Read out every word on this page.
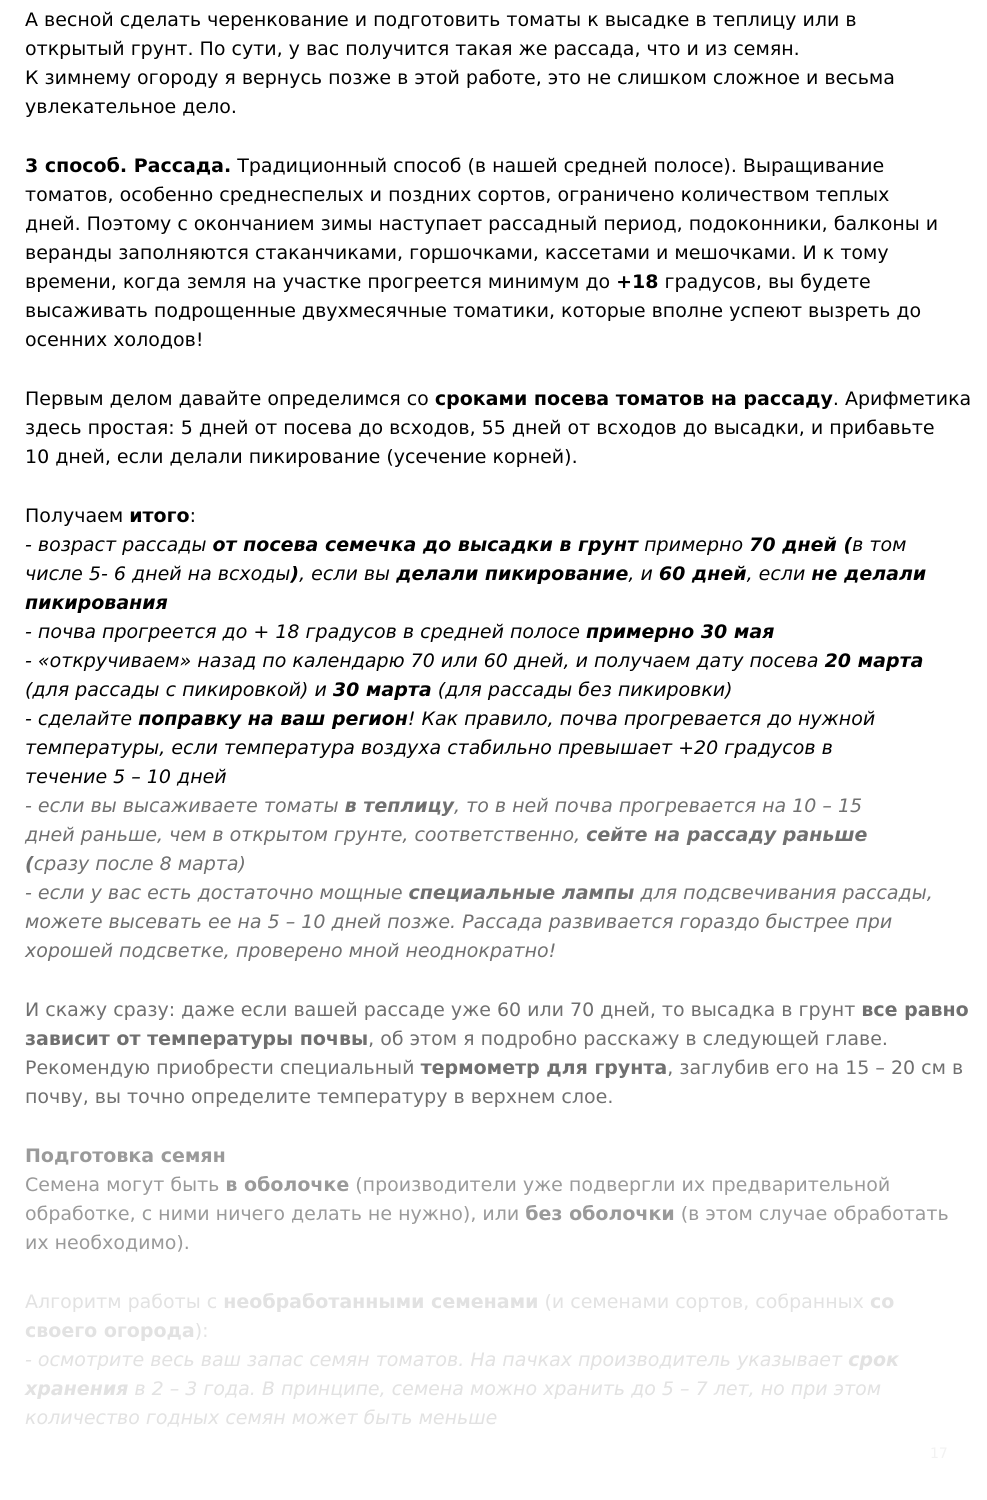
А весной сделать черенкование и подготовить томаты к высадке в теплицу или в
открытый грунт. По сути, у вас получится такая же рассада, что и из семян.
К зимнему огороду я вернусь позже в этой работе, это не слишком сложное и весьма
увлекательное дело.

3 способ. Рассада. Традиционный способ (в нашей средней полосе). Выращивание
томатов, особенно среднеспелых и поздних сортов, ограничено количеством теплых
дней. Поэтому с окончанием зимы наступает рассадный период, подоконники, балконы и
веранды заполняются стаканчиками, горшочками, кассетами и мешочками. И к тому
времени, когда земля на участке прогреется минимум до +18 градусов, вы будете
высаживать подрощенные двухмесячные томатики, которые вполне успеют вызреть до
осенних холодов!

Первым делом давайте определимся со сроками посева томатов на рассаду. Арифметика
здесь простая: 5 дней от посева до всходов, 55 дней от всходов до высадки, и прибавьте
10 дней, если делали пикирование (усечение корней).

Получаем итого:
- возраст рассады от посева семечка до высадки в грунт примерно 70 дней (в том
числе 5- 6 дней на всходы), если вы делали пикирование, и 60 дней, если не делали
пикирования
- почва прогреется до + 18 градусов в средней полосе примерно 30 мая
- «откручиваем» назад по календарю 70 или 60 дней, и получаем дату посева 20 марта
(для рассады с пикировкой) и 30 марта (для рассады без пикировки)
- сделайте поправку на ваш регион! Как правило, почва прогревается до нужной
температуры, если температура воздуха стабильно превышает +20 градусов в
течение 5 – 10 дней
- если вы высаживаете томаты в теплицу, то в ней почва прогревается на 10 – 15
дней раньше, чем в открытом грунте, соответственно, сейте на рассаду раньше
(сразу после 8 марта)
- если у вас есть достаточно мощные специальные лампы для подсвечивания рассады,
можете высевать ее на 5 – 10 дней позже. Рассада развивается гораздо быстрее при
хорошей подсветке, проверено мной неоднократно!

И скажу сразу: даже если вашей рассаде уже 60 или 70 дней, то высадка в грунт все равно
зависит от температуры почвы, об этом я подробно расскажу в следующей главе.
Рекомендую приобрести специальный термометр для грунта, заглубив его на 15 – 20 см в
почву, вы точно определите температуру в верхнем слое.

Подготовка семян
Семена могут быть в оболочке (производители уже подвергли их предварительной
обработке, с ними ничего делать не нужно), или без оболочки (в этом случае обработать
их необходимо).
Алгоритм работы с необработанными семенами (и семенами сортов, собранных со
своего огорода):
- осмотрите весь ваш запас семян томатов. На пачках производитель указывает срок
хранения в 2 – 3 года. В принципе, семена можно хранить до 5 – 7 лет, но при этом
количество годных семян может быть меньше
17
